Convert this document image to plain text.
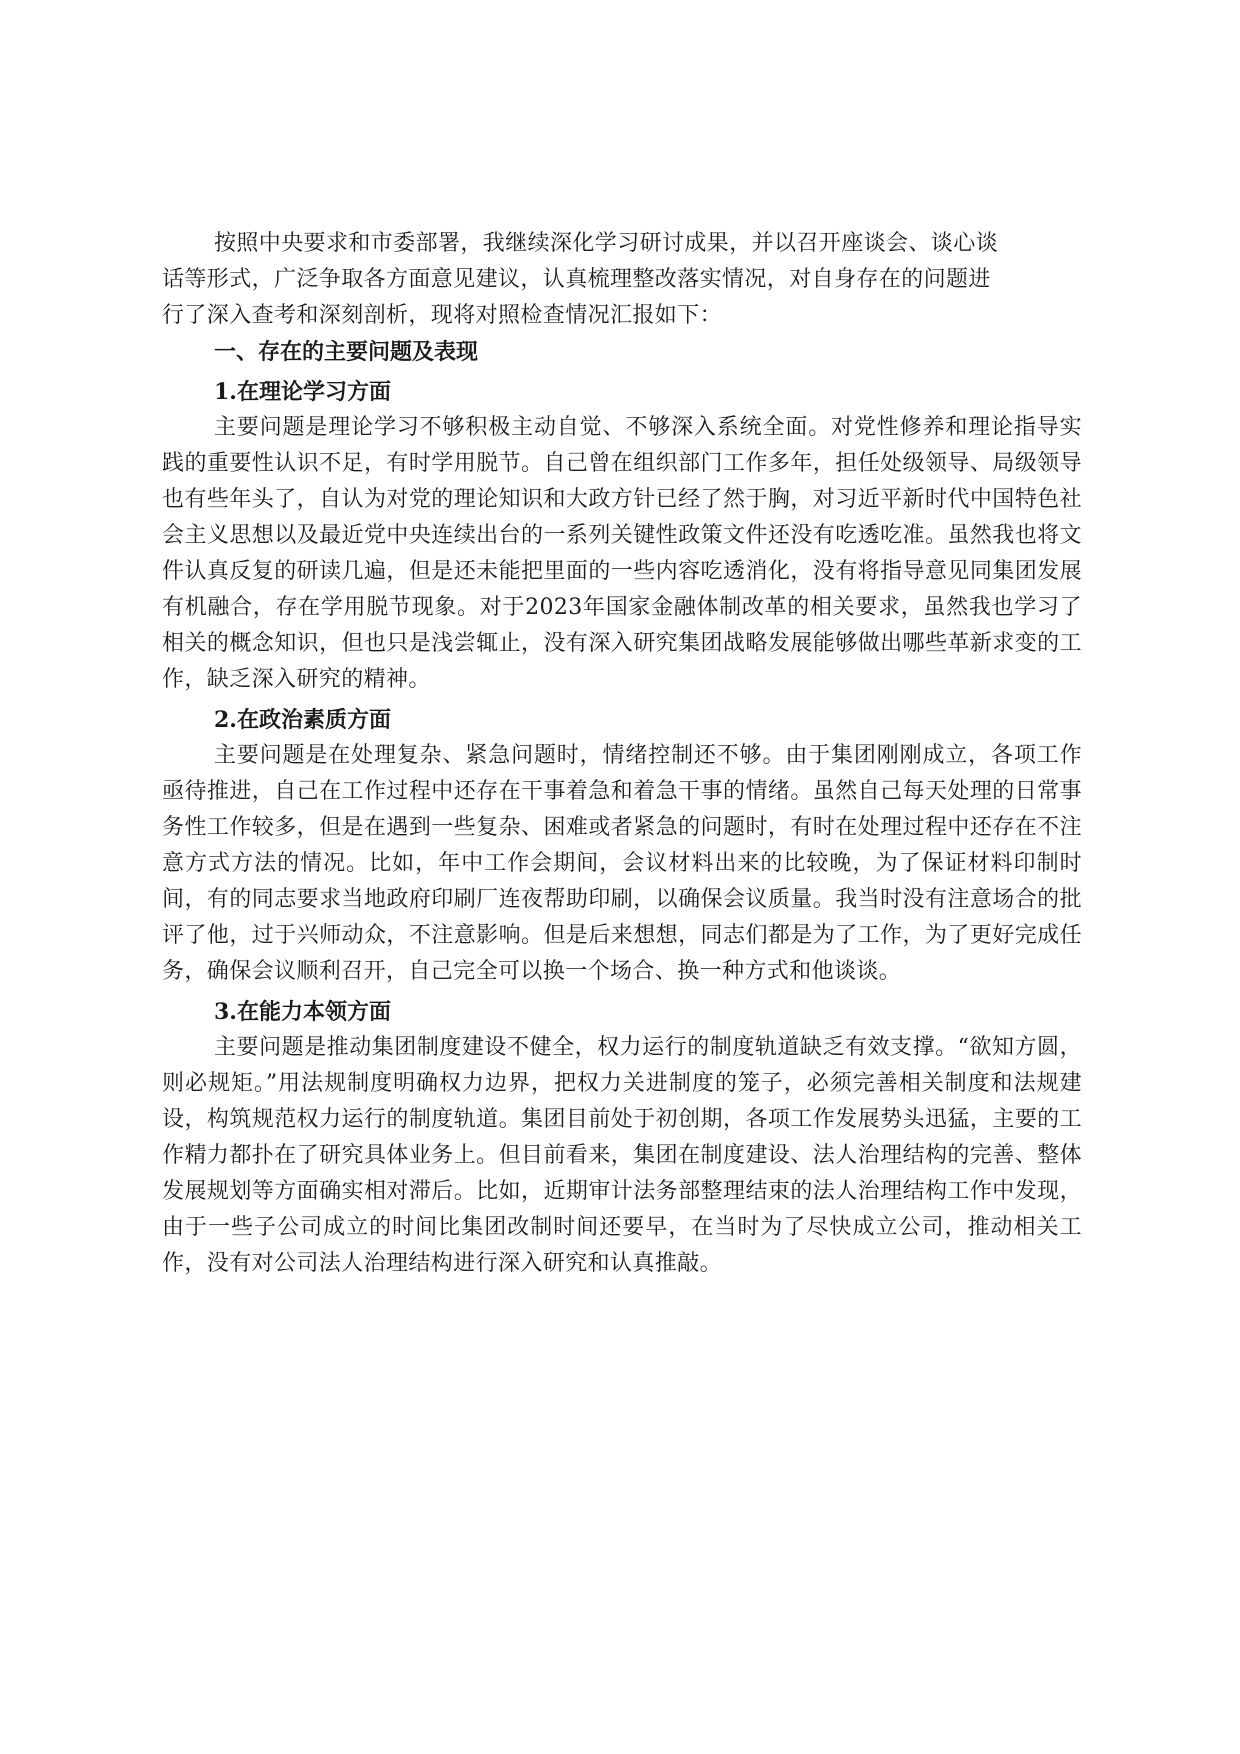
按照中央要求和市委部署，我继续深化学习研讨成果，并以召开座谈会、谈心谈

话等形式，广泛争取各方面意见建议，认真梳理整改落实情况，对自身存在的问题进

行了深入查考和深刻剖析，现将对照检查情况汇报如下：

一、存在的主要问题及表现
1.在理论学习方面

主要问题是理论学习不够积极主动自觉、不够深入系统全面。对党性修养和理论指导实践的重要性认识不足，有时学用脱节。自己曾在组织部门工作多年，担任处级领导、局级领导也有些年头了，自认为对党的理论知识和大政方针已经了然于胸，对习近平新时代中国特色社会主义思想以及最近党中央连续出台的一系列关键性政策文件还没有吃透吃准。虽然我也将文件认真反复的研读几遍，但是还未能把里面的一些内容吃透消化，没有将指导意见同集团发展有机融合，存在学用脱节现象。对于2023年国家金融体制改革的相关要求，虽然我也学习了相关的概念知识，但也只是浅尝辄止，没有深入研究集团战略发展能够做出哪些革新求变的工作，缺乏深入研究的精神。

2.在政治素质方面

主要问题是在处理复杂、紧急问题时，情绪控制还不够。由于集团刚刚成立，各项工作亟待推进，自己在工作过程中还存在干事着急和着急干事的情绪。虽然自己每天处理的日常事务性工作较多，但是在遇到一些复杂、困难或者紧急的问题时，有时在处理过程中还存在不注意方式方法的情况。比如，年中工作会期间，会议材料出来的比较晚，为了保证材料印制时间，有的同志要求当地政府印刷厂连夜帮助印刷，以确保会议质量。我当时没有注意场合的批评了他，过于兴师动众，不注意影响。但是后来想想，同志们都是为了工作，为了更好完成任务，确保会议顺利召开，自己完全可以换一个场合、换一种方式和他谈谈。

3.在能力本领方面

主要问题是推动集团制度建设不健全，权力运行的制度轨道缺乏有效支撑。“欲知方圆，则必规矩。”用法规制度明确权力边界，把权力关进制度的笼子，必须完善相关制度和法规建设，构筑规范权力运行的制度轨道。集团目前处于初创期，各项工作发展势头迅猛，主要的工作精力都扑在了研究具体业务上。但目前看来，集团在制度建设、法人治理结构的完善、整体发展规划等方面确实相对滞后。比如，近期审计法务部整理结束的法人治理结构工作中发现，由于一些子公司成立的时间比集团改制时间还要早，在当时为了尽快成立公司，推动相关工作，没有对公司法人治理结构进行深入研究和认真推敲。
